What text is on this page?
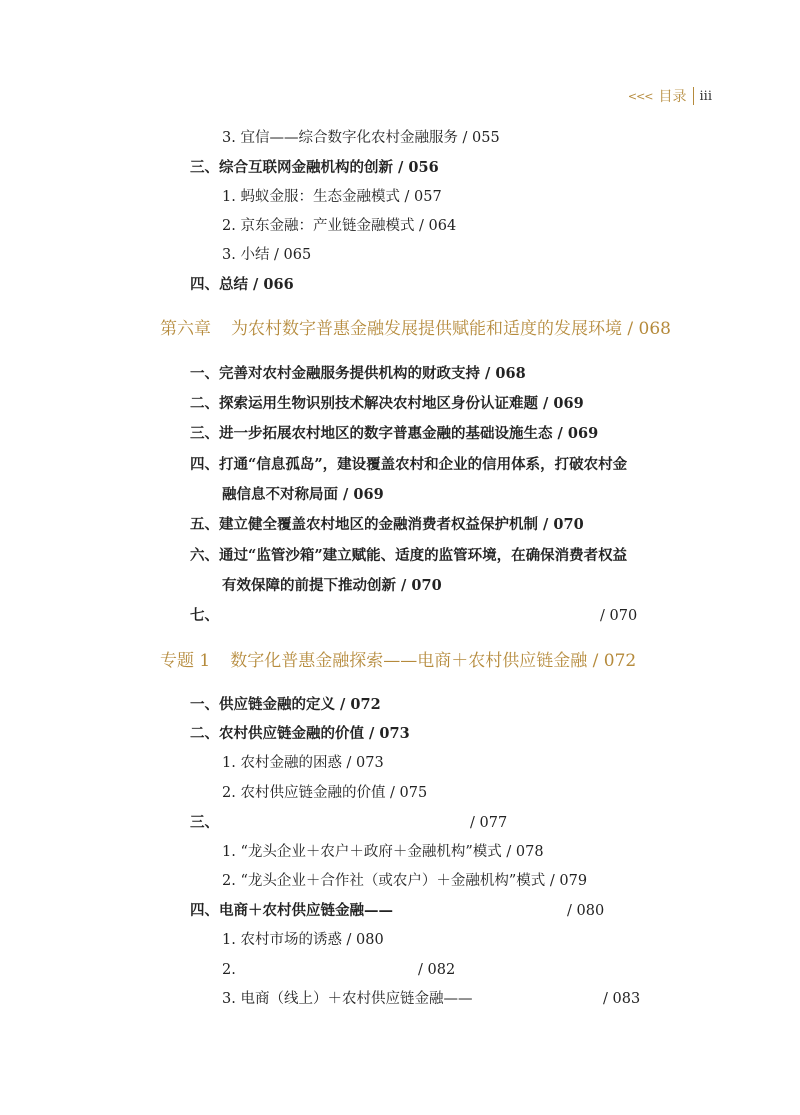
<<< 目录	iii
3. 宜信——综合数字化农村金融服务 / 055
三、综合互联网金融机构的创新 / 056
1. 蚂蚁金服：生态金融模式 / 057
2. 京东金融：产业链金融模式 / 064
3. 小结 / 065
四、总结 / 066
第六章 为农村数字普惠金融发展提供赋能和适度的发展环境 / 068
一、完善对农村金融服务提供机构的财政支持 / 068
二、探索运用生物识别技术解决农村地区身份认证难题 / 069
三、进一步拓展农村地区的数字普惠金融的基础设施生态 / 069
四、打通“信息孤岛”，建设覆盖农村和企业的信用体系，打破农村金
融信息不对称局面 / 069
五、建立健全覆盖农村地区的金融消费者权益保护机制 / 070
六、通过“监管沙箱”建立赋能、适度的监管环境，在确保消费者权益
有效保障的前提下推动创新 / 070
七、	/ 070
专题 1 数字化普惠金融探索——电商＋农村供应链金融 / 072
一、供应链金融的定义 / 072
二、农村供应链金融的价值 / 073
1. 农村金融的困惑 / 073
2. 农村供应链金融的价值 / 075
三、	/ 077
1. “龙头企业＋农户＋政府＋金融机构”模式 / 078
2. “龙头企业＋合作社（或农户）＋金融机构”模式 / 079
四、电商＋农村供应链金融——	/ 080
1. 农村市场的诱惑 / 080
2.	/ 082
3. 电商（线上）＋农村供应链金融——	/ 083
